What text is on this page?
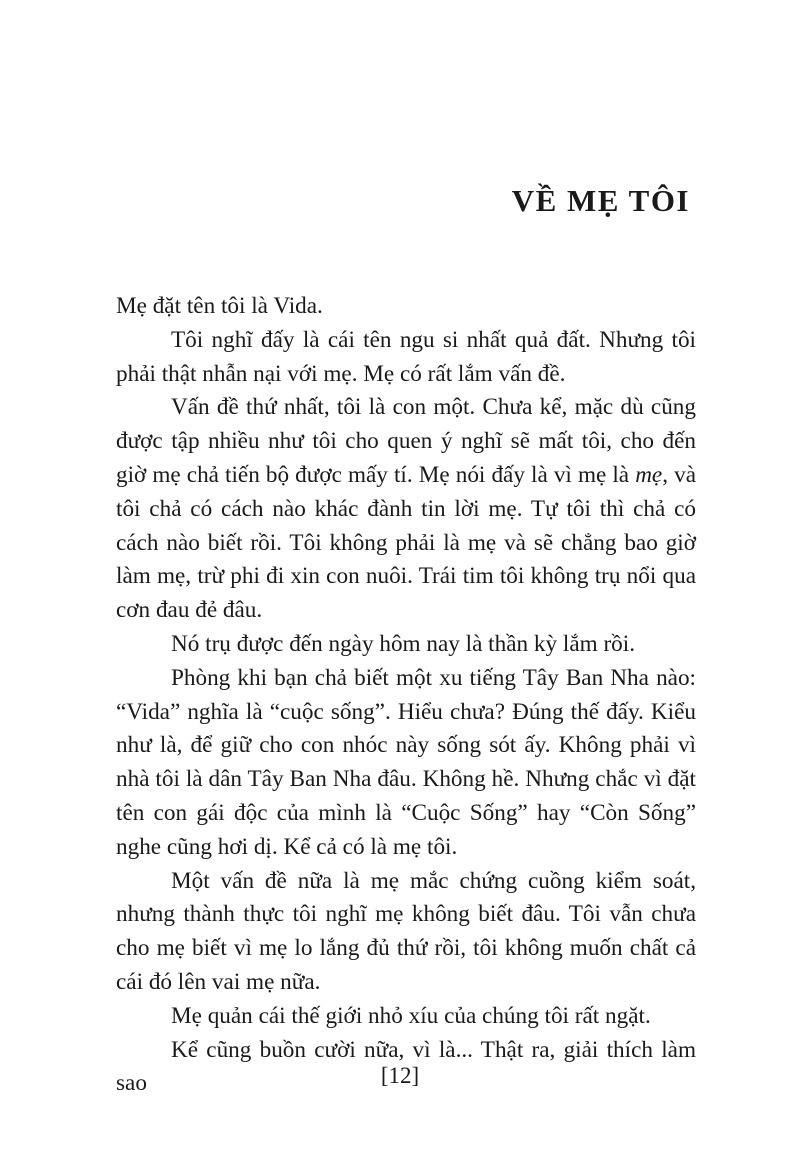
VỀ MẸ TÔI

Mẹ đặt tên tôi là Vida.

Tôi nghĩ đấy là cái tên ngu si nhất quả đất. Nhưng tôi phải thật nhẫn nại với mẹ. Mẹ có rất lắm vấn đề.

Vấn đề thứ nhất, tôi là con một. Chưa kể, mặc dù cũng được tập nhiều như tôi cho quen ý nghĩ sẽ mất tôi, cho đến giờ mẹ chả tiến bộ được mấy tí. Mẹ nói đấy là vì mẹ là mẹ, và tôi chả có cách nào khác đành tin lời mẹ. Tự tôi thì chả có cách nào biết rồi. Tôi không phải là mẹ và sẽ chẳng bao giờ làm mẹ, trừ phi đi xin con nuôi. Trái tim tôi không trụ nổi qua cơn đau đẻ đâu.

Nó trụ được đến ngày hôm nay là thần kỳ lắm rồi.

Phòng khi bạn chả biết một xu tiếng Tây Ban Nha nào: “Vida” nghĩa là “cuộc sống”. Hiểu chưa? Đúng thế đấy. Kiểu như là, để giữ cho con nhóc này sống sót ấy. Không phải vì nhà tôi là dân Tây Ban Nha đâu. Không hề. Nhưng chắc vì đặt tên con gái độc của mình là “Cuộc Sống” hay “Còn Sống” nghe cũng hơi dị. Kể cả có là mẹ tôi.

Một vấn đề nữa là mẹ mắc chứng cuồng kiểm soát, nhưng thành thực tôi nghĩ mẹ không biết đâu. Tôi vẫn chưa cho mẹ biết vì mẹ lo lắng đủ thứ rồi, tôi không muốn chất cả cái đó lên vai mẹ nữa.

Mẹ quản cái thế giới nhỏ xíu của chúng tôi rất ngặt.

Kể cũng buồn cười nữa, vì là... Thật ra, giải thích làm sao	[12]
